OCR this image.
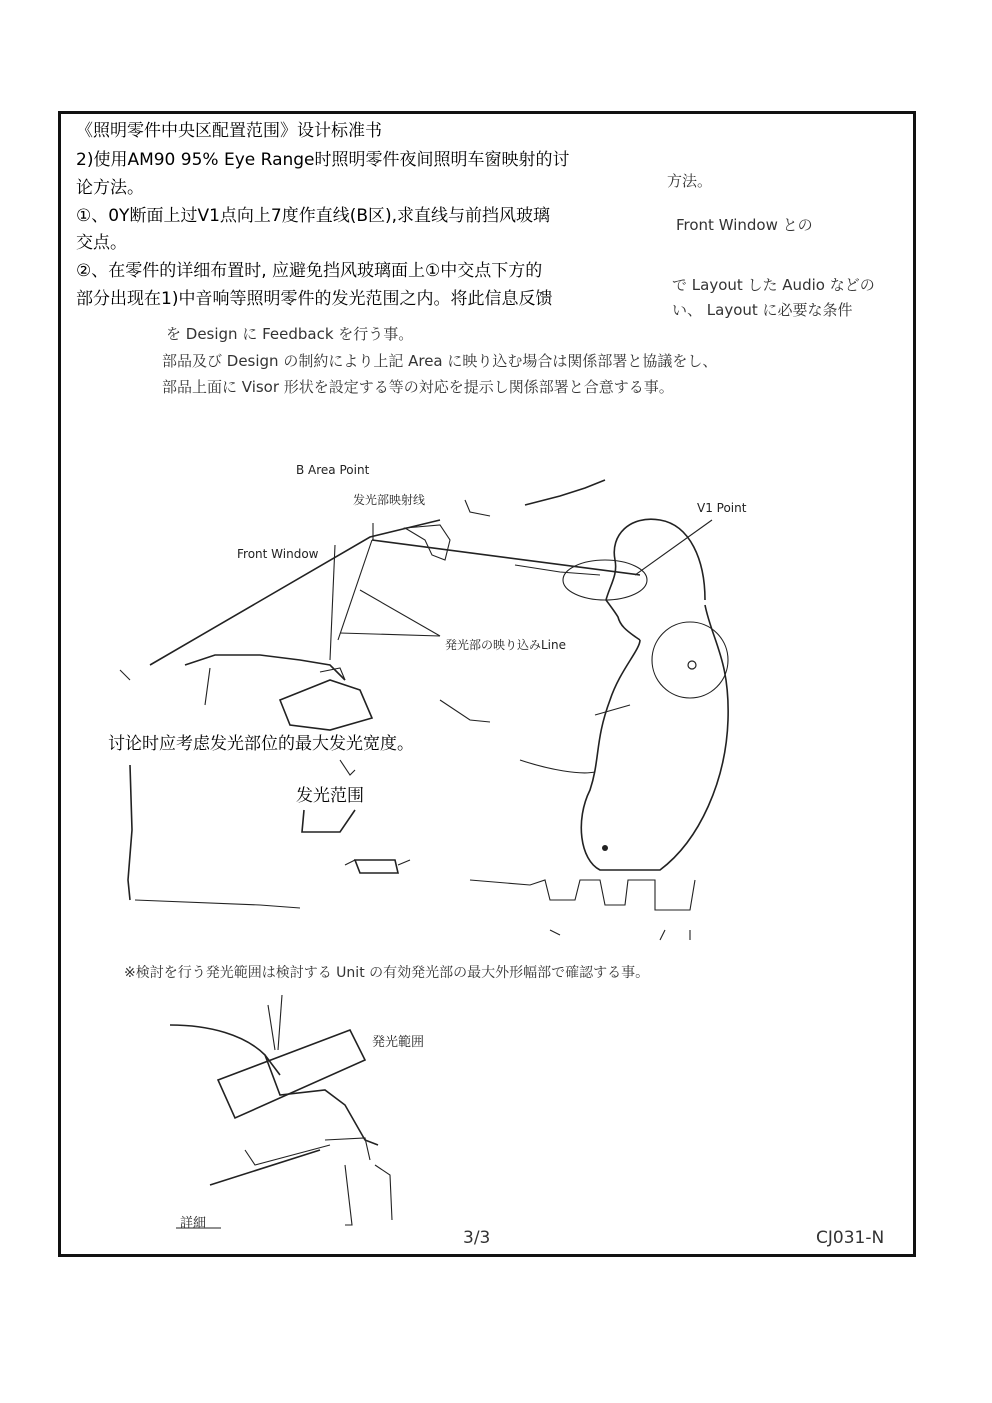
《照明零件中央区配置范围》设计标准书
2)使用AM90 95% Eye Range时照明零件夜间照明车窗映射的讨
论方法。
①、0Y断面上过V1点向上7度作直线(B区),求直线与前挡风玻璃
交点。
②、在零件的详细布置时, 应避免挡风玻璃面上①中交点下方的
部分出现在1)中音响等照明零件的发光范围之内。将此信息反馈
方法。
Front Window との
で Layout した Audio などの
い、 Layout に必要な条件
を Design に Feedback を行う事。
部品及び Design の制約により上記 Area に映り込む場合は関係部署と協議をし、
部品上面に Visor 形状を設定する等の対応を提示し関係部署と合意する事。
B Area Point
发光部映射线
Front Window
V1 Point
発光部の映り込みLine
讨论时应考虑发光部位的最大发光宽度。
发光范围
※検討を行う発光範囲は検討する Unit の有効発光部の最大外形幅部で確認する事。
発光範囲
詳細
3/3	CJ031-N
